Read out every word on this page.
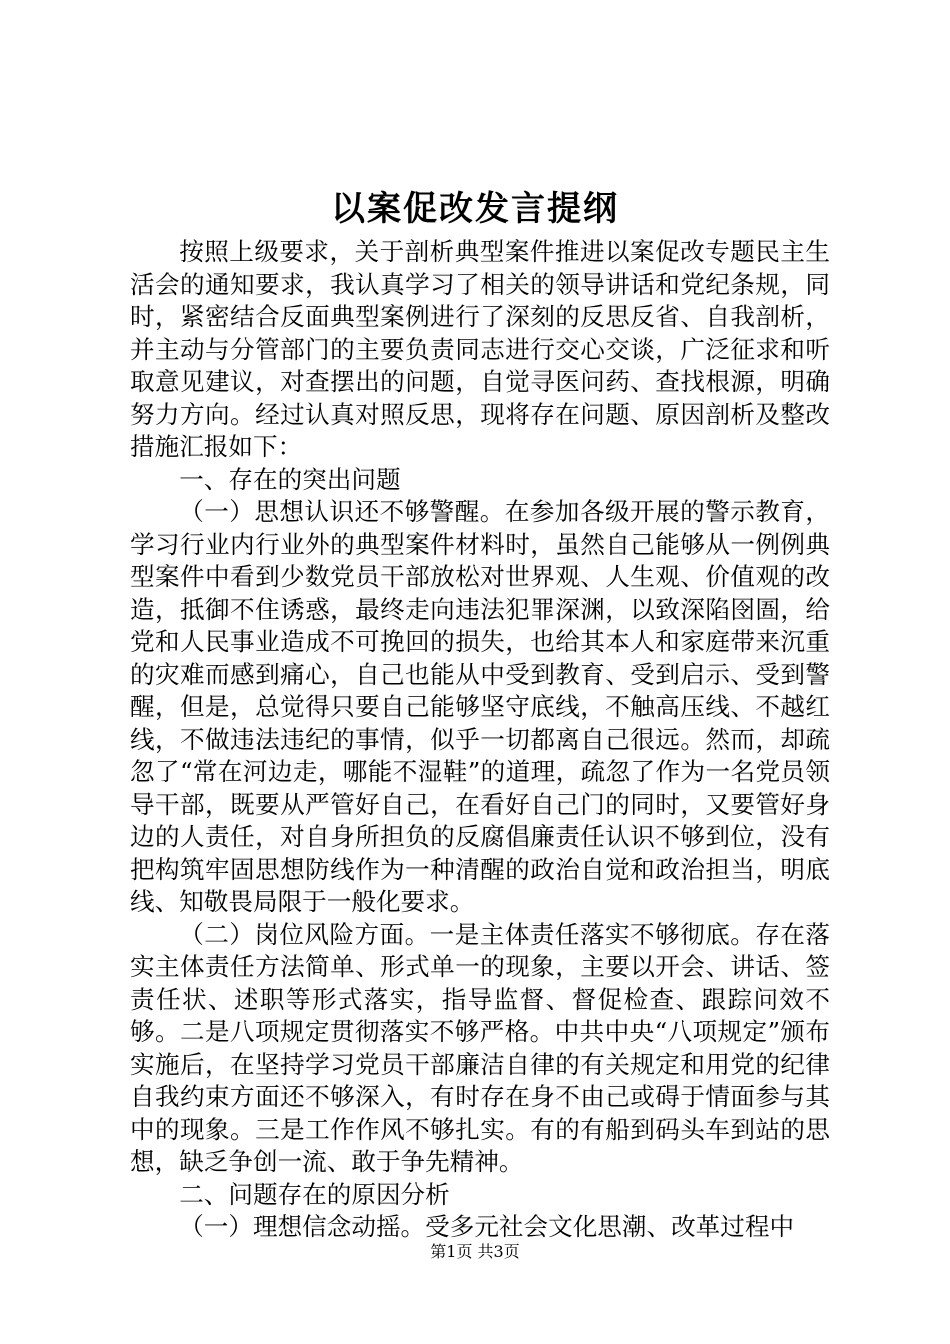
以案促改发言提纲

按照上级要求，关于剖析典型案件推进以案促改专题民主生活会的通知要求，我认真学习了相关的领导讲话和党纪条规，同时，紧密结合反面典型案例进行了深刻的反思反省、自我剖析，并主动与分管部门的主要负责同志进行交心交谈，广泛征求和听取意见建议，对查摆出的问题，自觉寻医问药、查找根源，明确努力方向。经过认真对照反思，现将存在问题、原因剖析及整改措施汇报如下：

一、存在的突出问题

（一）思想认识还不够警醒。在参加各级开展的警示教育，学习行业内行业外的典型案件材料时，虽然自己能够从一例例典型案件中看到少数党员干部放松对世界观、人生观、价值观的改造，抵御不住诱惑，最终走向违法犯罪深渊，以致深陷囹圄，给党和人民事业造成不可挽回的损失，也给其本人和家庭带来沉重的灾难而感到痛心，自己也能从中受到教育、受到启示、受到警醒，但是，总觉得只要自己能够坚守底线，不触高压线、不越红线，不做违法违纪的事情，似乎一切都离自己很远。然而，却疏忽了“常在河边走，哪能不湿鞋”的道理，疏忽了作为一名党员领导干部，既要从严管好自己，在看好自己门的同时，又要管好身边的人责任，对自身所担负的反腐倡廉责任认识不够到位，没有把构筑牢固思想防线作为一种清醒的政治自觉和政治担当，明底线、知敬畏局限于一般化要求。

（二）岗位风险方面。一是主体责任落实不够彻底。存在落实主体责任方法简单、形式单一的现象，主要以开会、讲话、签责任状、述职等形式落实，指导监督、督促检查、跟踪问效不够。二是八项规定贯彻落实不够严格。中共中央“八项规定”颁布实施后，在坚持学习党员干部廉洁自律的有关规定和用党的纪律自我约束方面还不够深入，有时存在身不由己或碍于情面参与其中的现象。三是工作作风不够扎实。有的有船到码头车到站的思想，缺乏争创一流、敢于争先精神。

二、问题存在的原因分析

（一）理想信念动摇。受多元社会文化思潮、改革过程中

第1页 共3页
